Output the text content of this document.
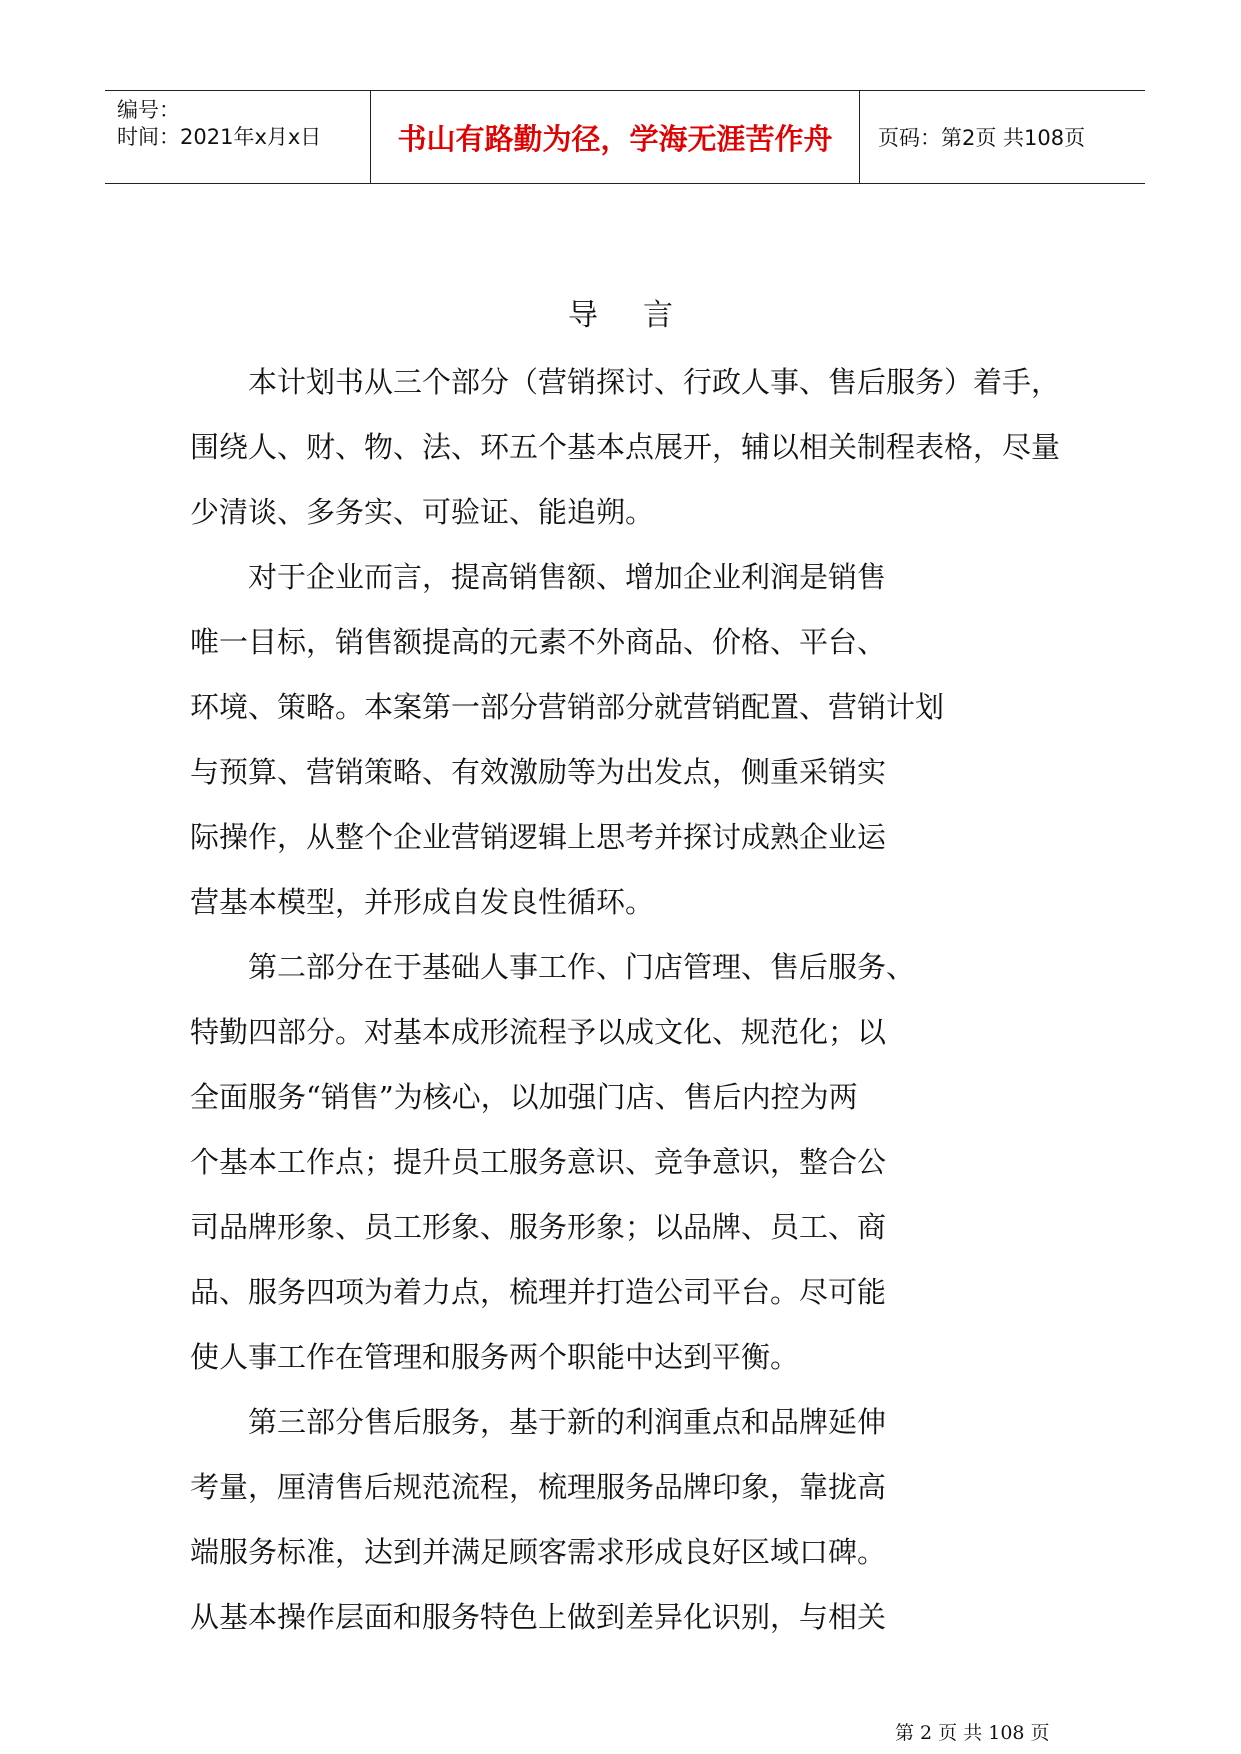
编号：
时间：2021年x月x日	书山有路勤为径，学海无涯苦作舟	页码：第2页 共108页
导言
本计划书从三个部分（营销探讨、行政人事、售后服务）着手，
围绕人、财、物、法、环五个基本点展开，辅以相关制程表格，尽量
少清谈、多务实、可验证、能追朔。
对于企业而言，提高销售额、增加企业利润是销售
唯一目标，销售额提高的元素不外商品、价格、平台、
环境、策略。本案第一部分营销部分就营销配置、营销计划
与预算、营销策略、有效激励等为出发点，侧重采销实
际操作，从整个企业营销逻辑上思考并探讨成熟企业运
营基本模型，并形成自发良性循环。
第二部分在于基础人事工作、门店管理、售后服务、
特勤四部分。对基本成形流程予以成文化、规范化；以
全面服务“销售”为核心，以加强门店、售后内控为两
个基本工作点；提升员工服务意识、竞争意识，整合公
司品牌形象、员工形象、服务形象；以品牌、员工、商
品、服务四项为着力点，梳理并打造公司平台。尽可能
使人事工作在管理和服务两个职能中达到平衡。
第三部分售后服务，基于新的利润重点和品牌延伸
考量，厘清售后规范流程，梳理服务品牌印象，靠拢高
端服务标准，达到并满足顾客需求形成良好区域口碑。
从基本操作层面和服务特色上做到差异化识别，与相关
第 2 页 共 108 页
